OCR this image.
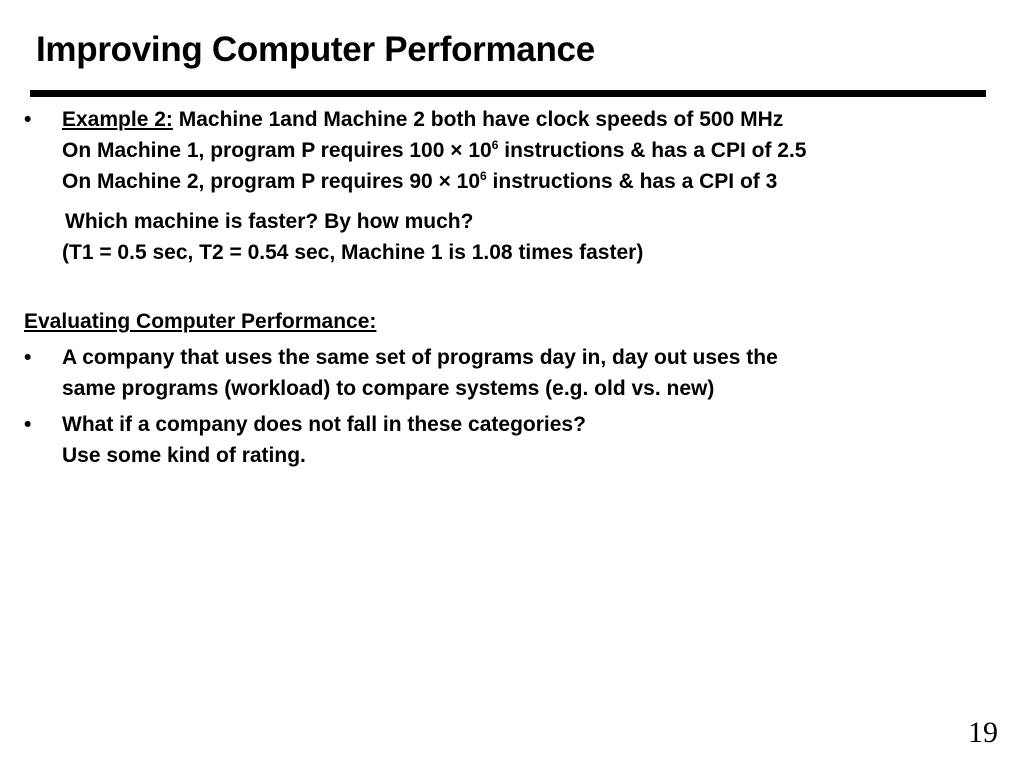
Improving Computer Performance
•	Example 2: Machine 1and Machine 2 both have clock speeds of 500 MHz
On Machine 1, program P requires $100 \times 10^6$ instructions & has a CPI of 2.5
On Machine 2, program P requires $90 \times 10^6$ instructions & has a CPI of 3
Which machine is faster? By how much?
(T1 = 0.5 sec, T2 = 0.54 sec, Machine 1 is 1.08 times faster)
Evaluating Computer Performance:
•	A company that uses the same set of programs day in, day out uses the
same programs (workload) to compare systems (e.g. old vs. new)
•	What if a company does not fall in these categories?
Use some kind of rating.
19
